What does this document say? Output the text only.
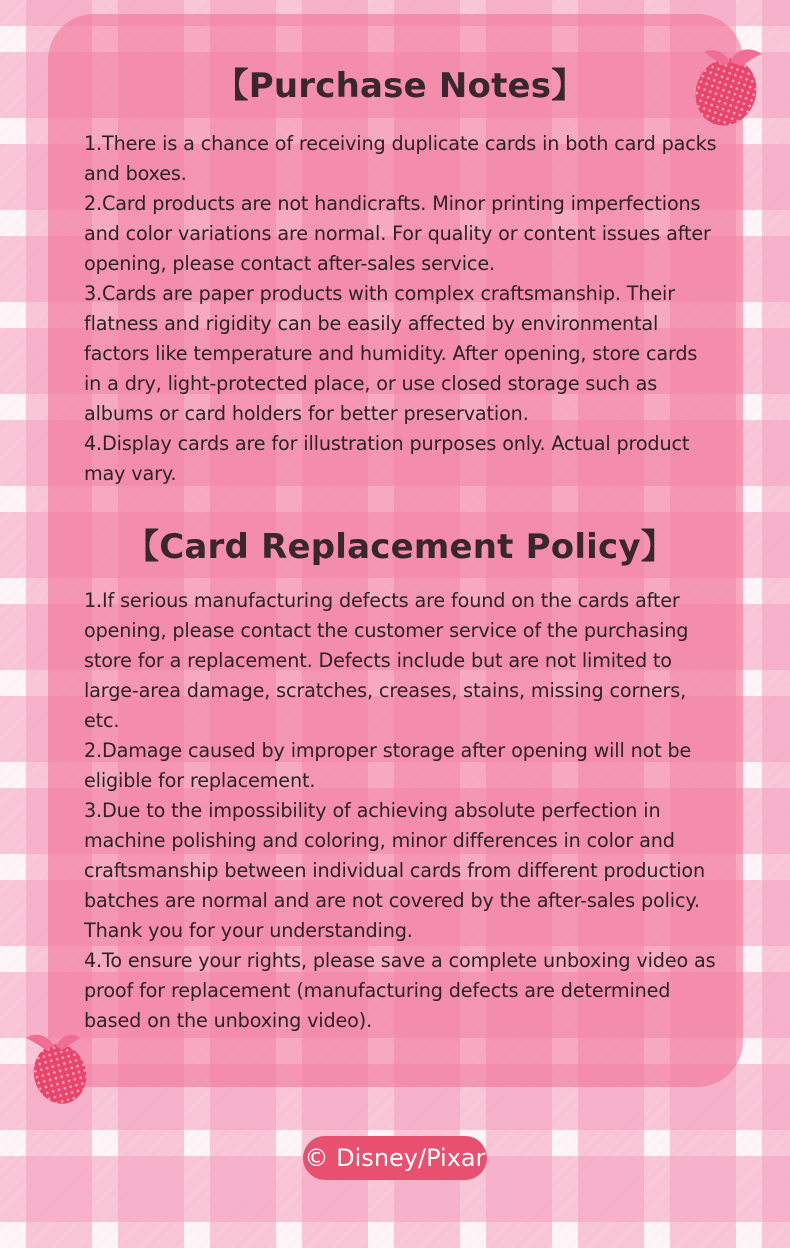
【Purchase Notes】

1.There is a chance of receiving duplicate cards in both card packs and boxes.

2.Card products are not handicrafts. Minor printing imperfections and color variations are normal. For quality or content issues after opening, please contact after-sales service.

3.Cards are paper products with complex craftsmanship. Their flatness and rigidity can be easily affected by environmental factors like temperature and humidity. After opening, store cards in a dry, light-protected place, or use closed storage such as albums or card holders for better preservation.

4.Display cards are for illustration purposes only. Actual product may vary.

【Card Replacement Policy】

1.If serious manufacturing defects are found on the cards after opening, please contact the customer service of the purchasing store for a replacement. Defects include but are not limited to large-area damage, scratches, creases, stains, missing corners, etc.

2.Damage caused by improper storage after opening will not be eligible for replacement.

3.Due to the impossibility of achieving absolute perfection in machine polishing and coloring, minor differences in color and craftsmanship between individual cards from different production batches are normal and are not covered by the after-sales policy. Thank you for your understanding.

4.To ensure your rights, please save a complete unboxing video as proof for replacement (manufacturing defects are determined based on the unboxing video).

© Disney/Pixar
